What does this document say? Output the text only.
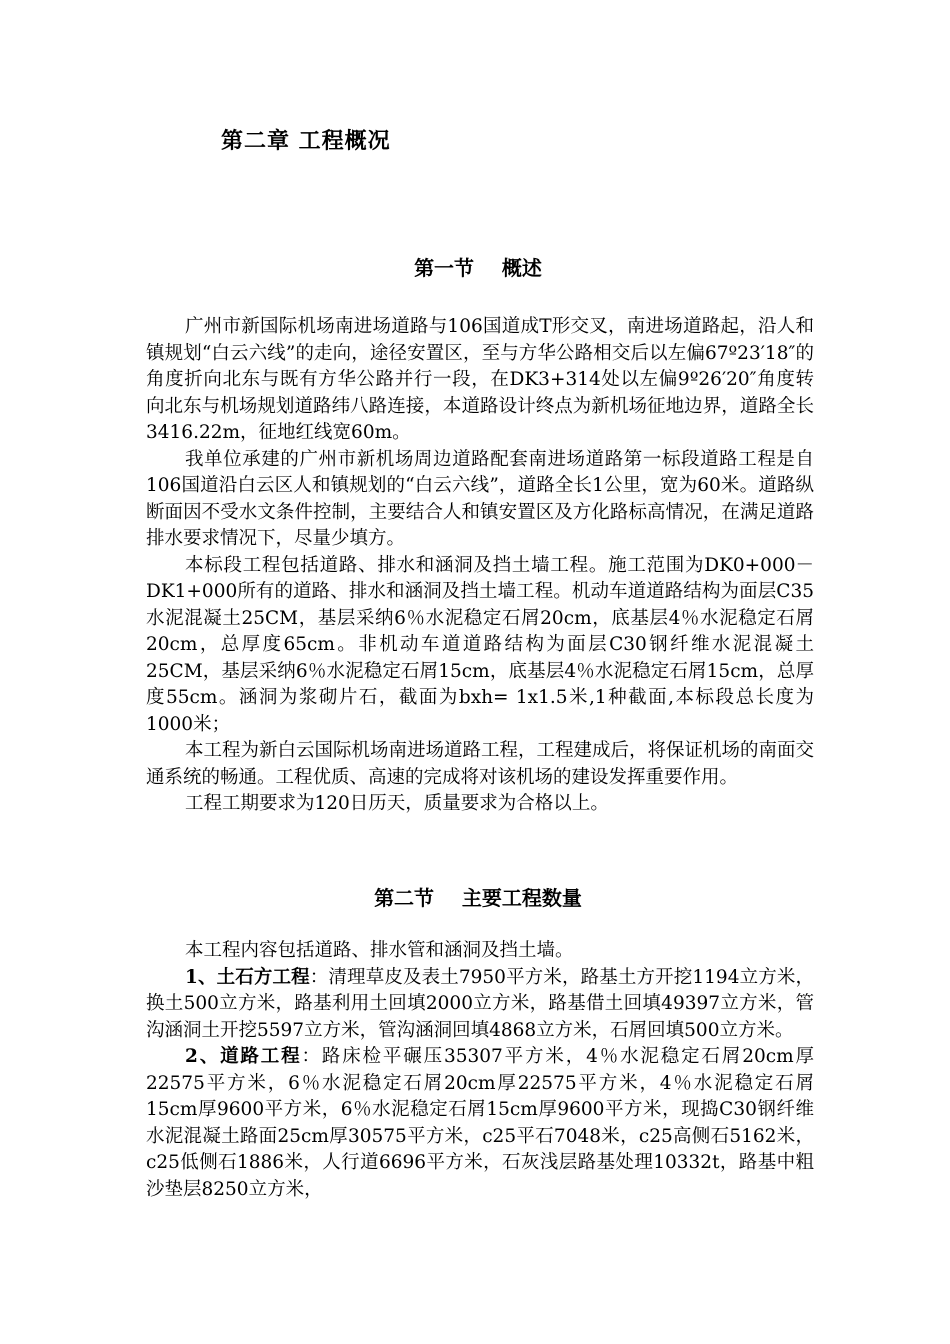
第二章 工程概况
第一节    概述

广州市新国际机场南进场道路与106国道成T形交叉，南进场道路起，沿人和镇规划“白云六线”的走向，途径安置区，至与方华公路相交后以左偏67º23′18″的角度折向北东与既有方华公路并行一段，在DK3+314处以左偏9º26′20″角度转向北东与机场规划道路纬八路连接，本道路设计终点为新机场征地边界，道路全长3416.22m，征地红线宽60m。

我单位承建的广州市新机场周边道路配套南进场道路第一标段道路工程是自106国道沿白云区人和镇规划的“白云六线”，道路全长1公里，宽为60米。道路纵断面因不受水文条件控制，主要结合人和镇安置区及方化路标高情况，在满足道路排水要求情况下，尽量少填方。

本标段工程包括道路、排水和涵洞及挡土墙工程。施工范围为DK0+000－DK1+000所有的道路、排水和涵洞及挡土墙工程。机动车道道路结构为面层C35水泥混凝土25CM，基层采纳6％水泥稳定石屑20cm，底基层4％水泥稳定石屑20cm，总厚度65cm。非机动车道道路结构为面层C30钢纤维水泥混凝土25CM，基层采纳6％水泥稳定石屑15cm，底基层4％水泥稳定石屑15cm，总厚度55cm。涵洞为浆砌片石，截面为bxh= 1x1.5米,1种截面,本标段总长度为1000米；

本工程为新白云国际机场南进场道路工程，工程建成后，将保证机场的南面交通系统的畅通。工程优质、高速的完成将对该机场的建设发挥重要作用。

工程工期要求为120日历天，质量要求为合格以上。

第二节    主要工程数量

本工程内容包括道路、排水管和涵洞及挡土墙。

1、土石方工程：清理草皮及表土7950平方米，路基土方开挖1194立方米，换土500立方米，路基利用土回填2000立方米，路基借土回填49397立方米，管沟涵洞土开挖5597立方米，管沟涵洞回填4868立方米，石屑回填500立方米。

2、道路工程：路床检平碾压35307平方米，4％水泥稳定石屑20cm厚22575平方米，6％水泥稳定石屑20cm厚22575平方米，4％水泥稳定石屑15cm厚9600平方米，6％水泥稳定石屑15cm厚9600平方米，现捣C30钢纤维水泥混凝土路面25cm厚30575平方米，c25平石7048米，c25高侧石5162米，c25低侧石1886米，人行道6696平方米，石灰浅层路基处理10332t，路基中粗沙垫层8250立方米，
